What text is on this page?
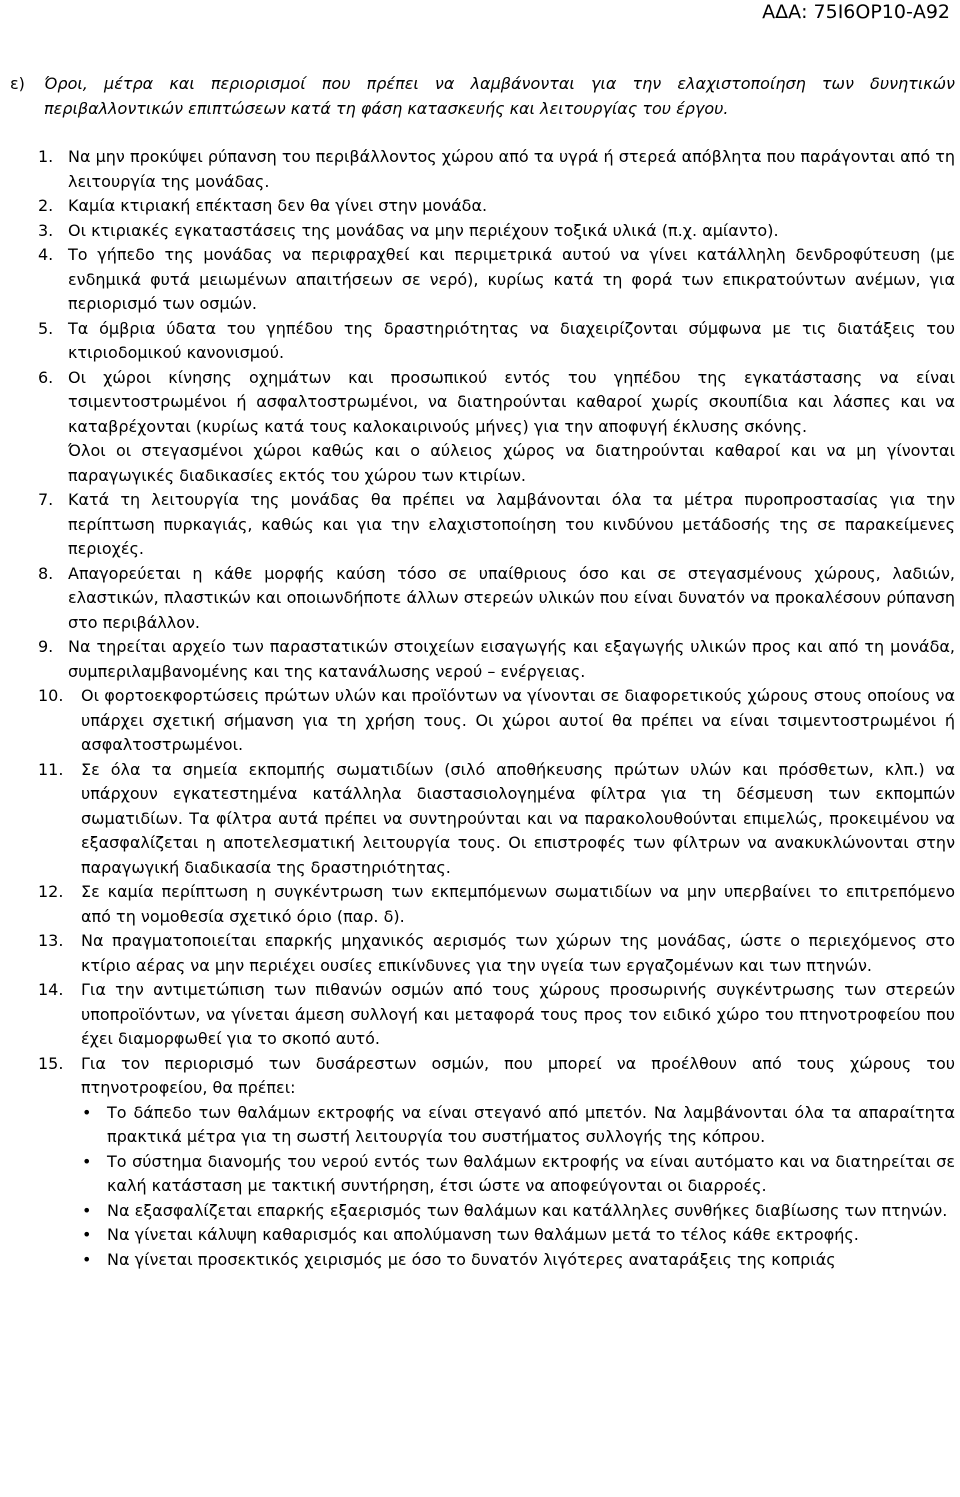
ΑΔΑ: 75Ι6ΟΡ10-Α92
ε) Όροι, μέτρα και περιορισμοί που πρέπει να λαμβάνονται για την ελαχιστοποίηση των δυνητικών περιβαλλοντικών επιπτώσεων κατά τη φάση κατασκευής και λειτουργίας του έργου.
1. Να μην προκύψει ρύπανση του περιβάλλοντος χώρου από τα υγρά ή στερεά απόβλητα που παράγονται από τη λειτουργία της μονάδας.

2. Καμία κτιριακή επέκταση δεν θα γίνει στην μονάδα.

3. Οι κτιριακές εγκαταστάσεις της μονάδας να μην περιέχουν τοξικά υλικά (π.χ. αμίαντο).

4. Το γήπεδο της μονάδας να περιφραχθεί και περιμετρικά αυτού να γίνει κατάλληλη δενδροφύτευση (με ενδημικά φυτά μειωμένων απαιτήσεων σε νερό), κυρίως κατά τη φορά των επικρατούντων ανέμων, για περιορισμό των οσμών.

5. Τα όμβρια ύδατα του γηπέδου της δραστηριότητας να διαχειρίζονται σύμφωνα με τις διατάξεις του κτιριοδομικού κανονισμού.

6. Οι χώροι κίνησης οχημάτων και προσωπικού εντός του γηπέδου της εγκατάστασης να είναι τσιμεντοστρωμένοι ή ασφαλτοστρωμένοι, να διατηρούνται καθαροί χωρίς σκουπίδια και λάσπες και να καταβρέχονται (κυρίως κατά τους καλοκαιρινούς μήνες) για την αποφυγή έκλυσης σκόνης.

Όλοι οι στεγασμένοι χώροι καθώς και ο αύλειος χώρος να διατηρούνται καθαροί και να μη γίνονται παραγωγικές διαδικασίες εκτός του χώρου των κτιρίων.

7. Κατά τη λειτουργία της μονάδας θα πρέπει να λαμβάνονται όλα τα μέτρα πυροπροστασίας για την περίπτωση πυρκαγιάς, καθώς και για την ελαχιστοποίηση του κινδύνου μετάδοσής της σε παρακείμενες περιοχές.

8. Απαγορεύεται η κάθε μορφής καύση τόσο σε υπαίθριους όσο και σε στεγασμένους χώρους, λαδιών, ελαστικών, πλαστικών και οποιωνδήποτε άλλων στερεών υλικών που είναι δυνατόν να προκαλέσουν ρύπανση στο περιβάλλον.

9. Να τηρείται αρχείο των παραστατικών στοιχείων εισαγωγής και εξαγωγής υλικών προς και από τη μονάδα, συμπεριλαμβανομένης και της κατανάλωσης νερού – ενέργειας.

10.	Οι φορτοεκφορτώσεις πρώτων υλών και προϊόντων να γίνονται σε διαφορετικούς χώρους στους οποίους να υπάρχει σχετική σήμανση για τη χρήση τους. Οι χώροι αυτοί θα πρέπει να είναι τσιμεντοστρωμένοι ή ασφαλτοστρωμένοι.

11.	Σε όλα τα σημεία εκπομπής σωματιδίων (σιλό αποθήκευσης πρώτων υλών και πρόσθετων, κλπ.) να υπάρχουν εγκατεστημένα κατάλληλα διαστασιολογημένα φίλτρα για τη δέσμευση των εκπομπών σωματιδίων. Τα φίλτρα αυτά πρέπει να συντηρούνται και να παρακολουθούνται επιμελώς, προκειμένου να εξασφαλίζεται η αποτελεσματική λειτουργία τους. Οι επιστροφές των φίλτρων να ανακυκλώνονται στην παραγωγική διαδικασία της δραστηριότητας.

12.	Σε καμία περίπτωση η συγκέντρωση των εκπεμπόμενων σωματιδίων να μην υπερβαίνει το επιτρεπόμενο από τη νομοθεσία σχετικό όριο (παρ. δ).

13.	Να πραγματοποιείται επαρκής μηχανικός αερισμός των χώρων της μονάδας, ώστε ο περιεχόμενος στο κτίριο αέρας να μην περιέχει ουσίες επικίνδυνες για την υγεία των εργαζομένων και των πτηνών.

14.	Για την αντιμετώπιση των πιθανών οσμών από τους χώρους προσωρινής συγκέντρωσης των στερεών υποπροϊόντων, να γίνεται άμεση συλλογή και μεταφορά τους προς τον ειδικό χώρο του πτηνοτροφείου που έχει διαμορφωθεί για το σκοπό αυτό.

15.	Για τον περιορισμό των δυσάρεστων οσμών, που μπορεί να προέλθουν από τους χώρους του πτηνοτροφείου, θα πρέπει:

• Το δάπεδο των θαλάμων εκτροφής να είναι στεγανό από μπετόν. Να λαμβάνονται όλα τα απαραίτητα πρακτικά μέτρα για τη σωστή λειτουργία του συστήματος συλλογής της κόπρου.
• Το σύστημα διανομής του νερού εντός των θαλάμων εκτροφής να είναι αυτόματο και να διατηρείται σε καλή κατάσταση με τακτική συντήρηση, έτσι ώστε να αποφεύγονται οι διαρροές.
• Να εξασφαλίζεται επαρκής εξαερισμός των θαλάμων και κατάλληλες συνθήκες διαβίωσης των πτηνών.
• Να γίνεται κάλυψη καθαρισμός και απολύμανση των θαλάμων μετά το τέλος κάθε εκτροφής.
• Να γίνεται προσεκτικός χειρισμός με όσο το δυνατόν λιγότερες αναταράξεις της κοπριάς
